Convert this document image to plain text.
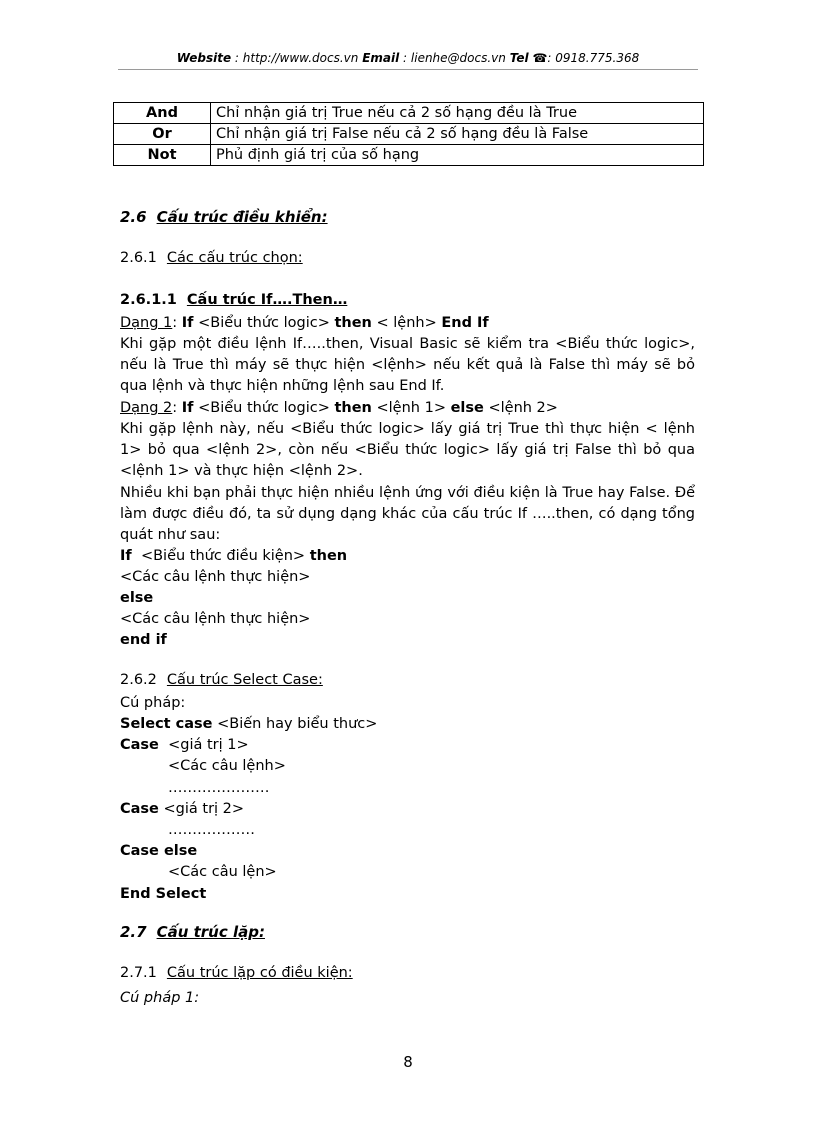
Website : http://www.docs.vn Email : lienhe@docs.vn Tel ☎: 0918.775.368
And	Chỉ nhận giá trị True nếu cả 2 số hạng đều là True
Or	Chỉ nhận giá trị False nếu cả 2 số hạng đều là False
Not	Phủ định giá trị của số hạng
2.6 Cấu trúc điều khiển:
2.6.1 Các cấu trúc chọn:
2.6.1.1 Cấu trúc If….Then…
Dạng 1: If <Biểu thức logic> then < lệnh> End If
Khi gặp một điều lệnh If…..then, Visual Basic sẽ kiểm tra <Biểu thức logic>, nếu là True thì máy sẽ thực hiện <lệnh> nếu kết quả là False thì máy sẽ bỏ qua lệnh và thực hiện những lệnh sau End If.
Dạng 2: If <Biểu thức logic> then <lệnh 1> else <lệnh 2>
Khi gặp lệnh này, nếu <Biểu thức logic> lấy giá trị True thì thực hiện < lệnh 1> bỏ qua <lệnh 2>, còn nếu <Biểu thức logic> lấy giá trị False thì bỏ qua <lệnh 1> và thực hiện <lệnh 2>.
Nhiều khi bạn phải thực hiện nhiều lệnh ứng với điều kiện là True hay False. Để làm được điều đó, ta sử dụng dạng khác của cấu trúc If …..then, có dạng tổng quát như sau:
If <Biểu thức điều kiện> then
<Các câu lệnh thực hiện>
else
<Các câu lệnh thực hiện>
end if
2.6.2 Cấu trúc Select Case:
Cú pháp:
Select case <Biến hay biểu thưc>
Case <giá trị 1>
<Các câu lệnh>
…………………
Case <giá trị 2>
………………
Case else
<Các câu lện>
End Select
2.7 Cấu trúc lặp:
2.7.1 Cấu trúc lặp có điều kiện:
Cú pháp 1:
8
